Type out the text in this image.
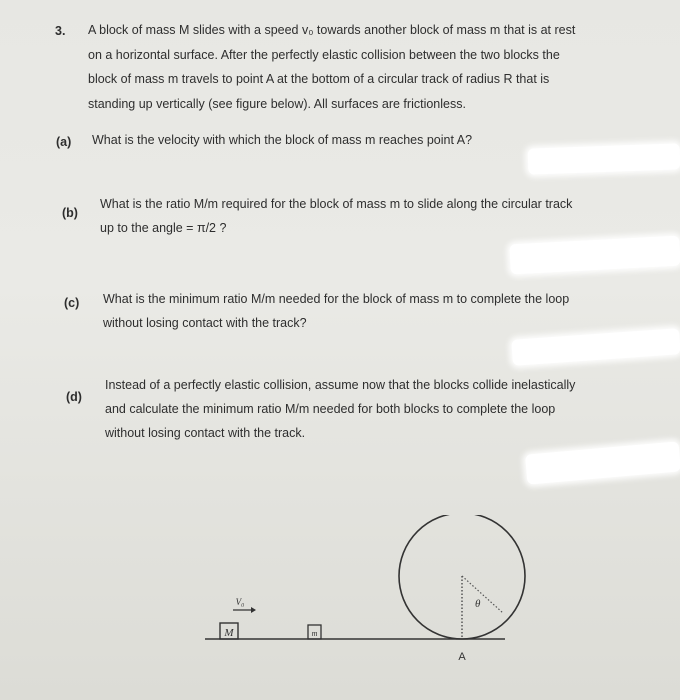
3. A block of mass M slides with a speed v₀ towards another block of mass m that is at rest

on a horizontal surface. After the perfectly elastic collision between the two blocks the

block of mass m travels to point A at the bottom of a circular track of radius R that is

standing up vertically (see figure below). All surfaces are frictionless.

(a) What is the velocity with which the block of mass m reaches point A?

(b)

What is the ratio M/m required for the block of mass m to slide along the circular track

up to the angle = π/2 ?

(c) What is the minimum ratio M/m needed for the block of mass m to complete the loop

without losing contact with the track?

(d)

Instead of a perfectly elastic collision, assume now that the blocks collide inelastically

and calculate the minimum ratio M/m needed for both blocks to complete the loop

without losing contact with the track.

M
V₀
m
θ
A
